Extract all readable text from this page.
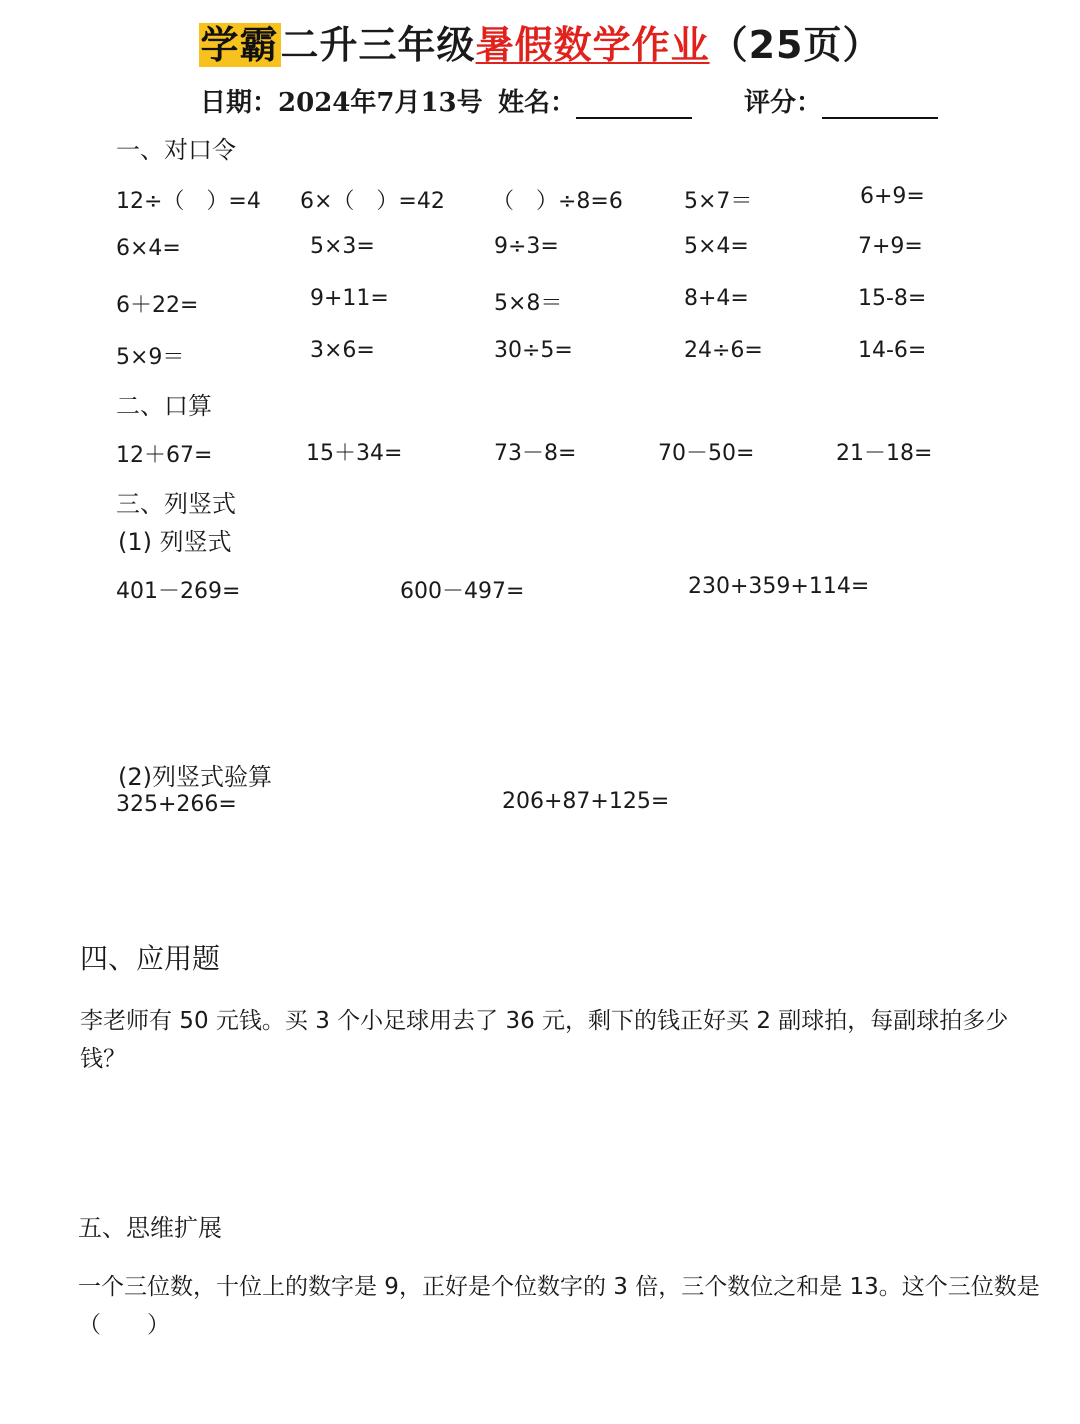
学霸二升三年级暑假数学作业（25页）
日期：2024年7月13号 姓名：	评分：
一、对口令
12÷（　）=4 6×（　）=42 （　）÷8=6	5×7＝	6+9=
6×4=	5×3=	9÷3=	5×4=	7+9=
6＋22=	9+11=	5×8＝	8+4=	15-8=
5×9＝	3×6=	30÷5=	24÷6=	14-6=
二、口算
12＋67=	15＋34=	73－8=	70－50=	21－18=
三、列竖式
(1) 列竖式
401－269=	600－497=	230+359+114=
(2)列竖式验算
325+266=	206+87+125=
四、应用题
李老师有 50 元钱。买 3 个小足球用去了 36 元，剩下的钱正好买 2 副球拍，每副球拍多少钱？
五、思维扩展
一个三位数，十位上的数字是 9，正好是个位数字的 3 倍，三个数位之和是 13。这个三位数是（　　）
